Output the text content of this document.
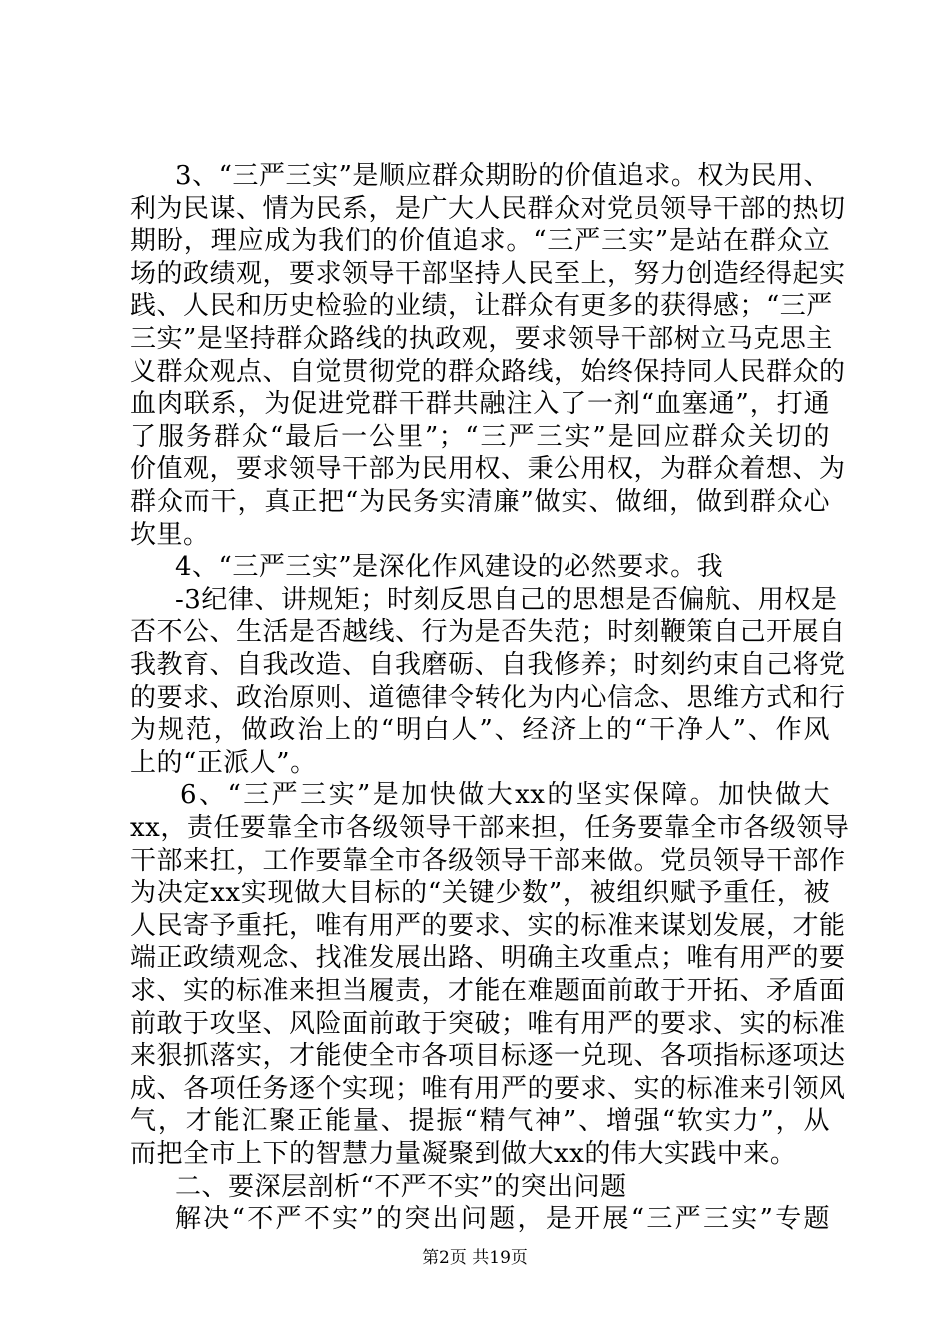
3、“三严三实”是顺应群众期盼的价值追求。权为民用、
利为民谋、情为民系，是广大人民群众对党员领导干部的热切
期盼，理应成为我们的价值追求。“三严三实”是站在群众立
场的政绩观，要求领导干部坚持人民至上，努力创造经得起实
践、人民和历史检验的业绩，让群众有更多的获得感；“三严
三实”是坚持群众路线的执政观，要求领导干部树立马克思主
义群众观点、自觉贯彻党的群众路线，始终保持同人民群众的
血肉联系，为促进党群干群共融注入了一剂“血塞通”，打通
了服务群众“最后一公里”；“三严三实”是回应群众关切的
价值观，要求领导干部为民用权、秉公用权，为群众着想、为
群众而干，真正把“为民务实清廉”做实、做细，做到群众心
坎里。
4、“三严三实”是深化作风建设的必然要求。我
-3纪律、讲规矩；时刻反思自己的思想是否偏航、用权是
否不公、生活是否越线、行为是否失范；时刻鞭策自己开展自
我教育、自我改造、自我磨砺、自我修养；时刻约束自己将党
的要求、政治原则、道德律令转化为内心信念、思维方式和行
为规范，做政治上的“明白人”、经济上的“干净人”、作风
上的“正派人”。
6、“三严三实”是加快做大xx的坚实保障。加快做大
xx，责任要靠全市各级领导干部来担，任务要靠全市各级领导
干部来扛，工作要靠全市各级领导干部来做。党员领导干部作
为决定xx实现做大目标的“关键少数”，被组织赋予重任，被
人民寄予重托，唯有用严的要求、实的标准来谋划发展，才能
端正政绩观念、找准发展出路、明确主攻重点；唯有用严的要
求、实的标准来担当履责，才能在难题面前敢于开拓、矛盾面
前敢于攻坚、风险面前敢于突破；唯有用严的要求、实的标准
来狠抓落实，才能使全市各项目标逐一兑现、各项指标逐项达
成、各项任务逐个实现；唯有用严的要求、实的标准来引领风
气，才能汇聚正能量、提振“精气神”、增强“软实力”，从
而把全市上下的智慧力量凝聚到做大xx的伟大实践中来。
二、要深层剖析“不严不实”的突出问题
解决“不严不实”的突出问题，是开展“三严三实”专题
第2页 共19页
